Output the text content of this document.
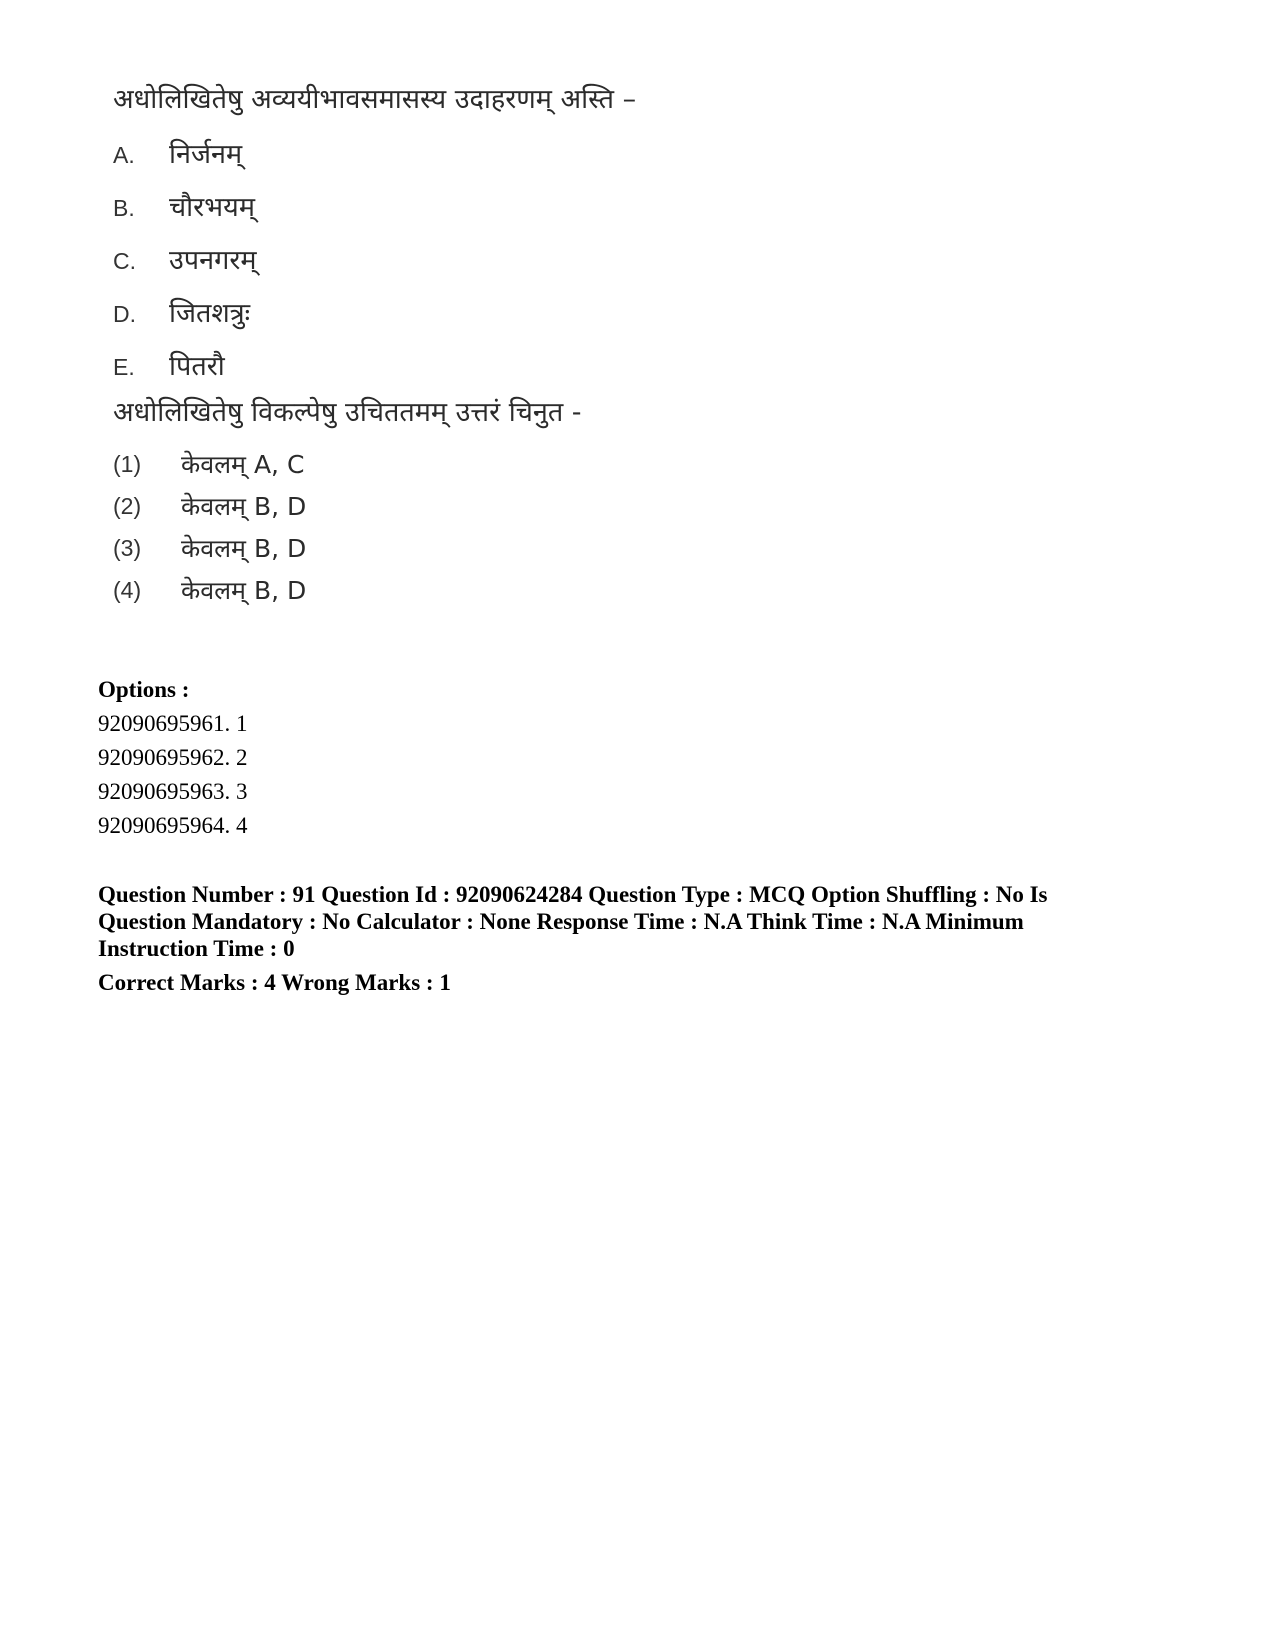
अधोलिखितेषु अव्ययीभावसमासस्य उदाहरणम् अस्ति –

A.	निर्जनम्
B.	चौरभयम्
C.	उपनगरम्
D.	जितशत्रुः
E.	पितरौ

अधोलिखितेषु विकल्पेषु उचिततमम् उत्तरं चिनुत -

(1)	केवलम् A, C
(2)	केवलम् B, D
(3)	केवलम् B, D
(4)	केवलम् B, D
Options :
92090695961. 1
92090695962. 2
92090695963. 3
92090695964. 4
Question Number : 91 Question Id : 92090624284 Question Type : MCQ Option Shuffling : No Is
Question Mandatory : No Calculator : None Response Time : N.A Think Time : N.A Minimum
Instruction Time : 0
Correct Marks : 4 Wrong Marks : 1
